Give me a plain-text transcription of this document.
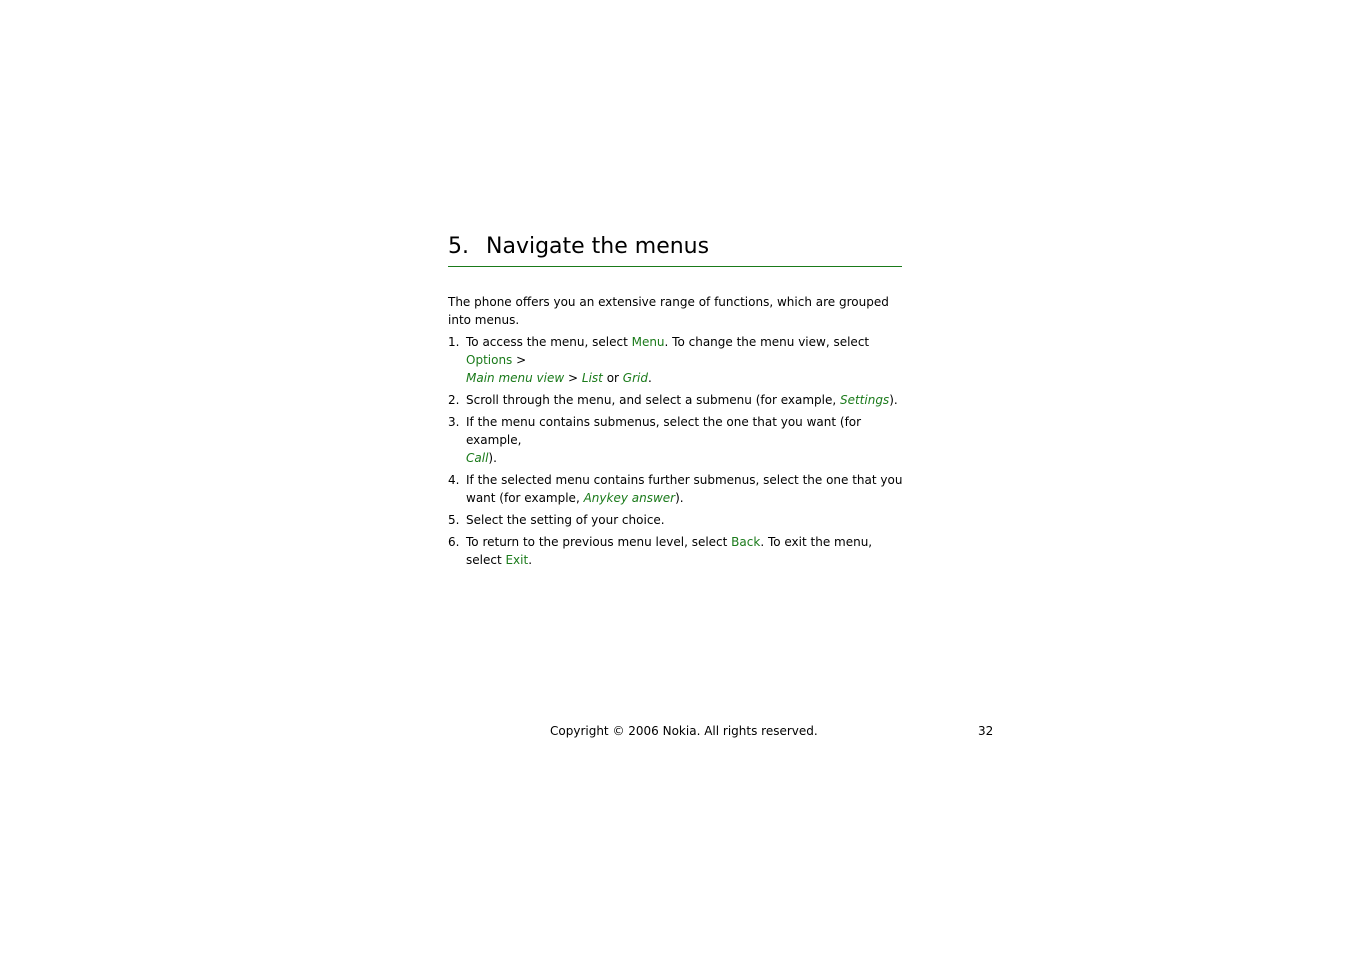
5. Navigate the menus

The phone offers you an extensive range of functions, which are grouped into menus.

1. To access the menu, select Menu. To change the menu view, select Options >
Main menu view > List or Grid.
2. Scroll through the menu, and select a submenu (for example, Settings).
3. If the menu contains submenus, select the one that you want (for example,
Call).
4. If the selected menu contains further submenus, select the one that you want (for example, Anykey answer).
5. Select the setting of your choice.
6. To return to the previous menu level, select Back. To exit the menu, select Exit.
Copyright © 2006 Nokia. All rights reserved.	32
